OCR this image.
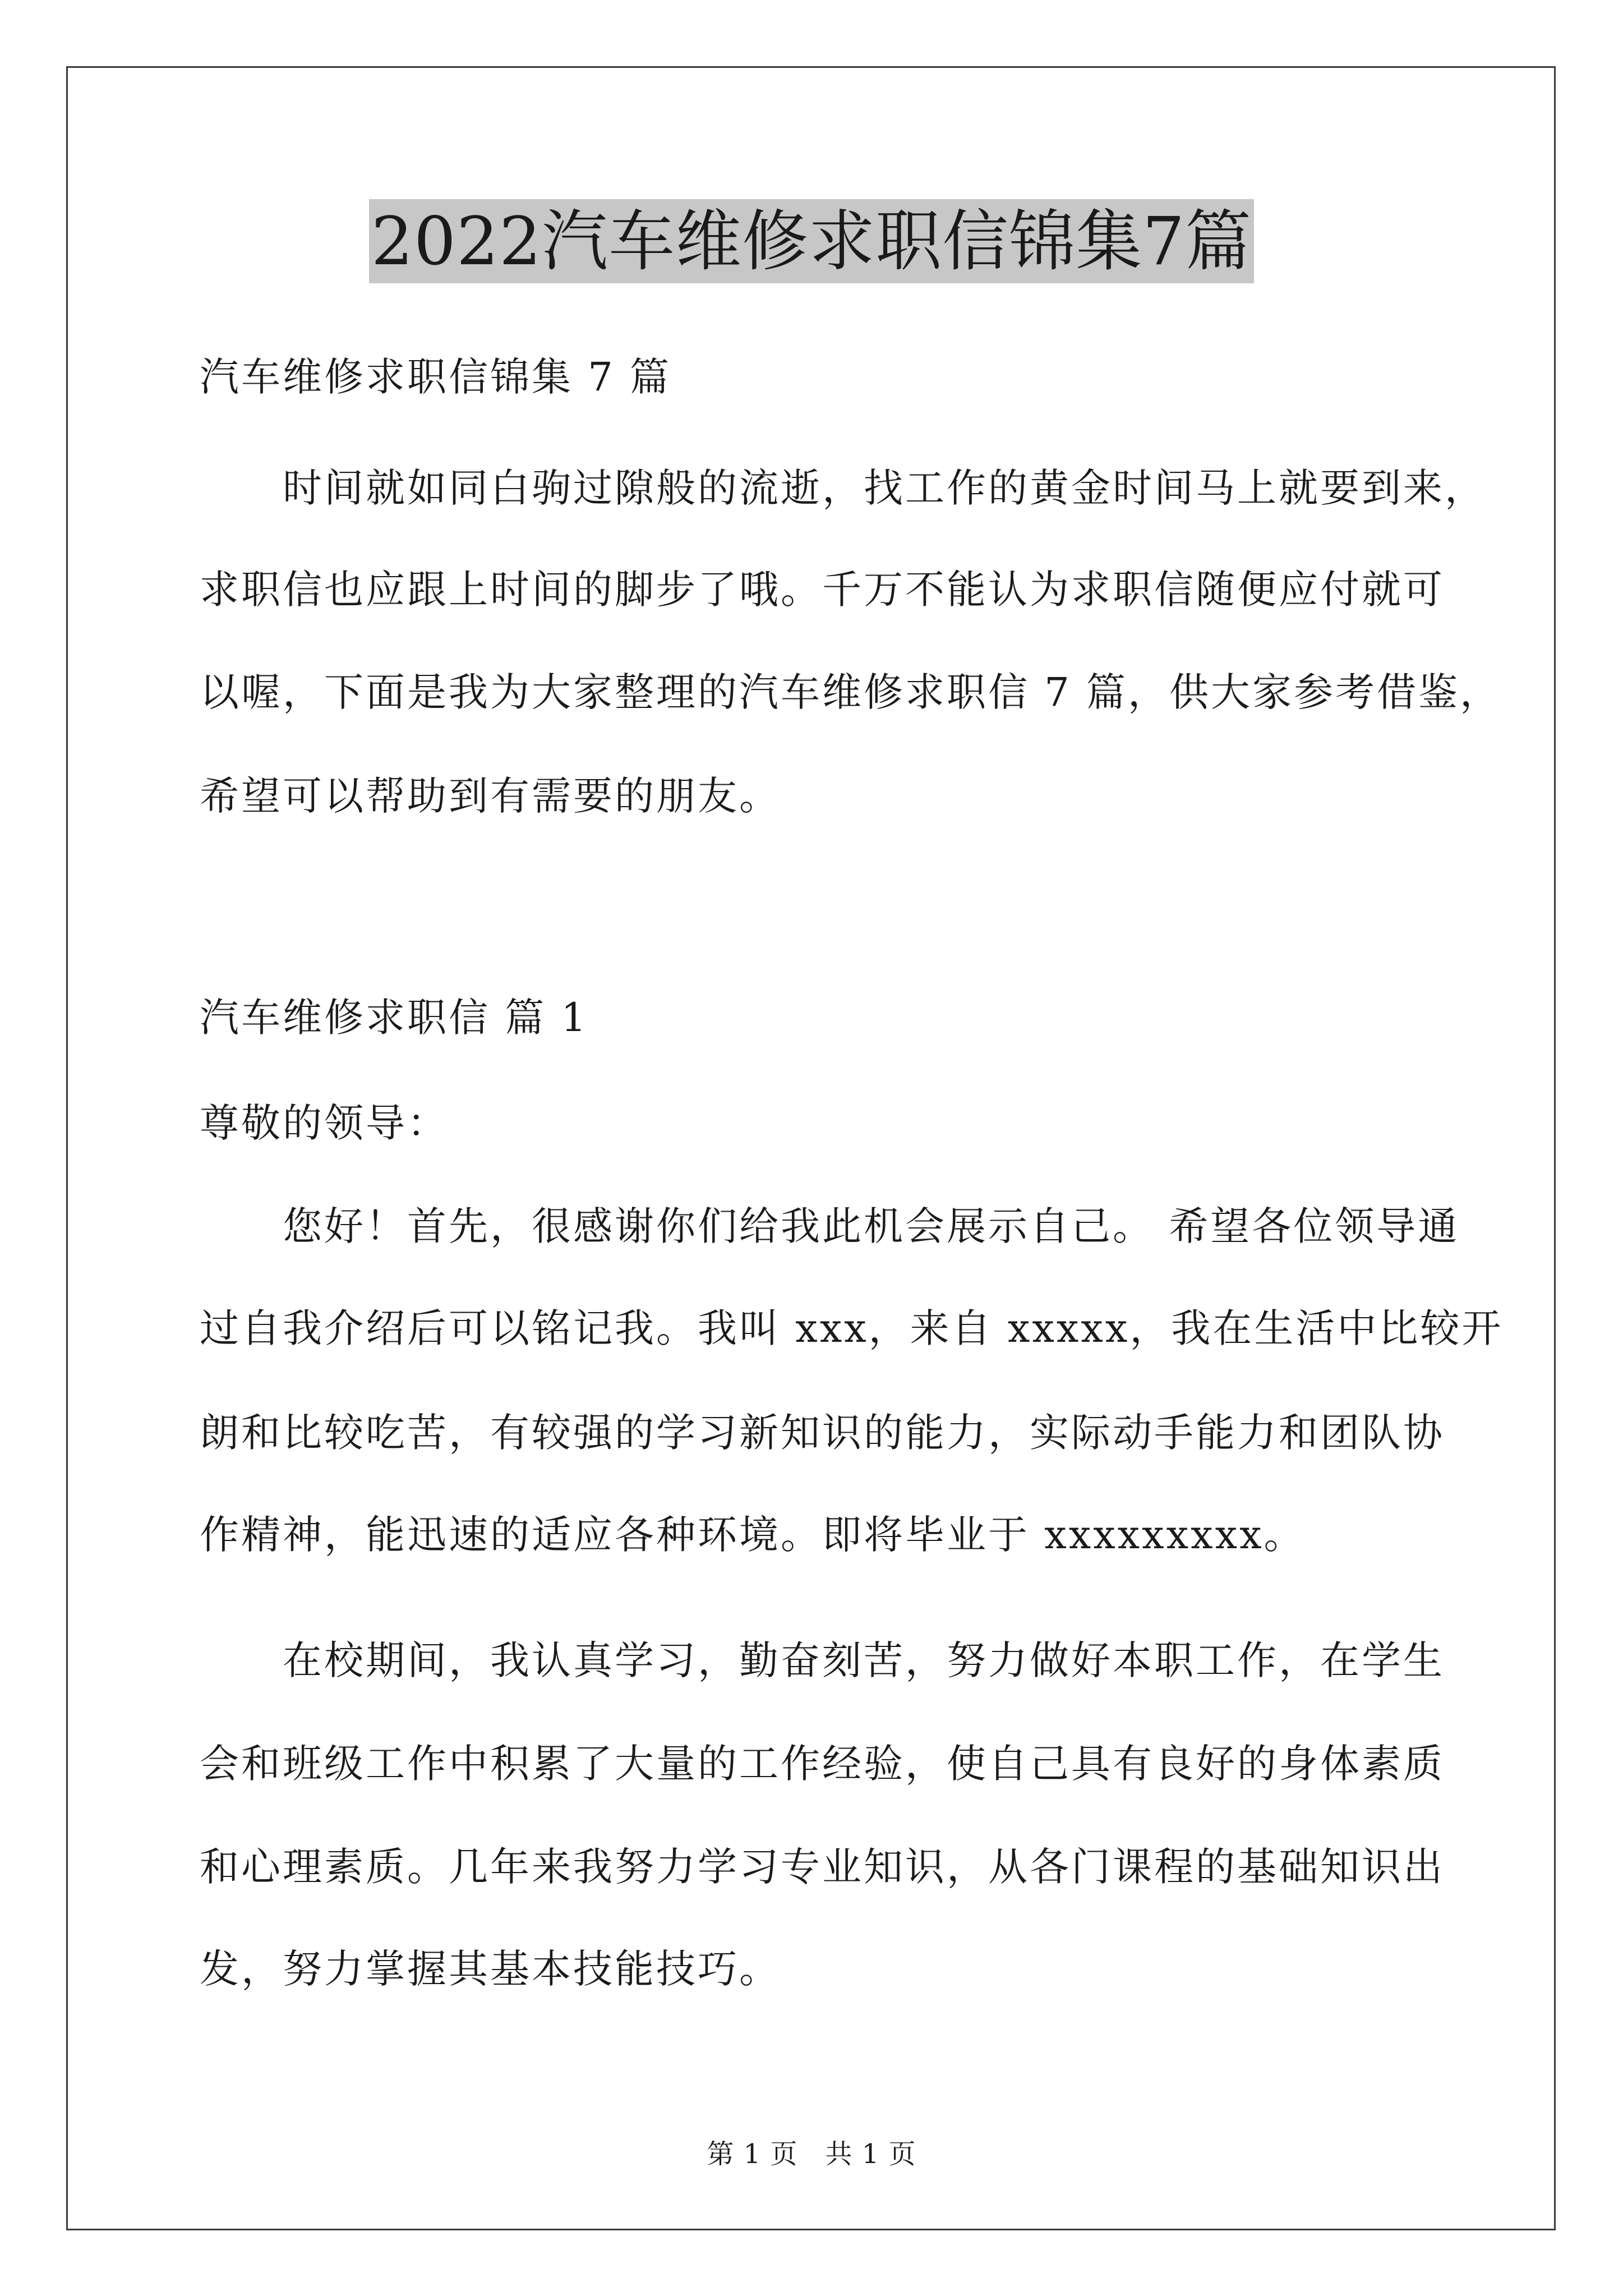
2022汽车维修求职信锦集7篇
汽车维修求职信锦集 7 篇
　　时间就如同白驹过隙般的流逝，找工作的黄金时间马上就要到来，
求职信也应跟上时间的脚步了哦。千万不能认为求职信随便应付就可
以喔，下面是我为大家整理的汽车维修求职信 7 篇，供大家参考借鉴，
希望可以帮助到有需要的朋友。
汽车维修求职信 篇 1
尊敬的领导：
　　您好！首先，很感谢你们给我此机会展示自己。 希望各位领导通
过自我介绍后可以铭记我。我叫 xxx，来自 xxxxx，我在生活中比较开
朗和比较吃苦，有较强的学习新知识的能力，实际动手能力和团队协
作精神，能迅速的适应各种环境。即将毕业于 xxxxxxxxx。
　　在校期间，我认真学习，勤奋刻苦，努力做好本职工作，在学生
会和班级工作中积累了大量的工作经验，使自己具有良好的身体素质
和心理素质。几年来我努力学习专业知识，从各门课程的基础知识出
发，努力掌握其基本技能技巧。
第 1 页　共 1 页
